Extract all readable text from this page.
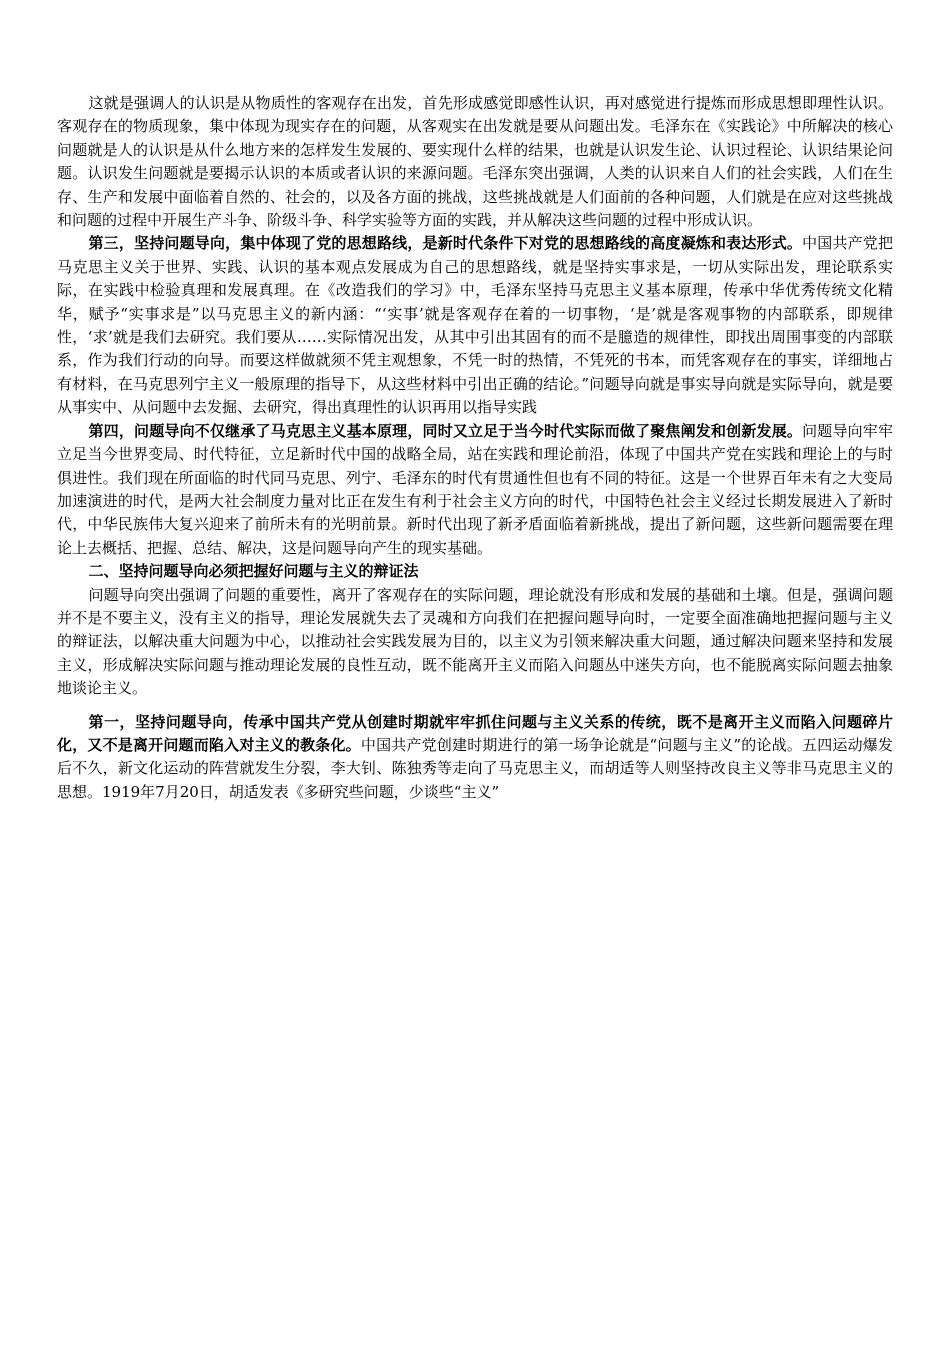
这就是强调人的认识是从物质性的客观存在出发，首先形成感觉即感性认识，再对感觉进行提炼而形成思想即理性认识。客观存在的物质现象，集中体现为现实存在的问题，从客观实在出发就是要从问题出发。毛泽东在《实践论》中所解决的核心问题就是人的认识是从什么地方来的怎样发生发展的、要实现什么样的结果，也就是认识发生论、认识过程论、认识结果论问题。认识发生问题就是要揭示认识的本质或者认识的来源问题。毛泽东突出强调，人类的认识来自人们的社会实践，人们在生存、生产和发展中面临着自然的、社会的，以及各方面的挑战，这些挑战就是人们面前的各种问题，人们就是在应对这些挑战和问题的过程中开展生产斗争、阶级斗争、科学实验等方面的实践，并从解决这些问题的过程中形成认识。

第三，坚持问题导向，集中体现了党的思想路线，是新时代条件下对党的思想路线的高度凝炼和表达形式。中国共产党把马克思主义关于世界、实践、认识的基本观点发展成为自己的思想路线，就是坚持实事求是，一切从实际出发，理论联系实际，在实践中检验真理和发展真理。在《改造我们的学习》中，毛泽东坚持马克思主义基本原理，传承中华优秀传统文化精华，赋予“实事求是”以马克思主义的新内涵：“‘实事’就是客观存在着的一切事物，‘是’就是客观事物的内部联系，即规律性，‘求’就是我们去研究。我们要从……实际情况出发，从其中引出其固有的而不是臆造的规律性，即找出周围事变的内部联系，作为我们行动的向导。而要这样做就须不凭主观想象，不凭一时的热情，不凭死的书本，而凭客观存在的事实，详细地占有材料，在马克思列宁主义一般原理的指导下，从这些材料中引出正确的结论。”问题导向就是事实导向就是实际导向，就是要从事实中、从问题中去发掘、去研究，得出真理性的认识再用以指导实践

第四，问题导向不仅继承了马克思主义基本原理，同时又立足于当今时代实际而做了聚焦阐发和创新发展。问题导向牢牢立足当今世界变局、时代特征，立足新时代中国的战略全局，站在实践和理论前沿，体现了中国共产党在实践和理论上的与时俱进性。我们现在所面临的时代同马克思、列宁、毛泽东的时代有贯通性但也有不同的特征。这是一个世界百年未有之大变局加速演进的时代，是两大社会制度力量对比正在发生有利于社会主义方向的时代，中国特色社会主义经过长期发展进入了新时代，中华民族伟大复兴迎来了前所未有的光明前景。新时代出现了新矛盾面临着新挑战，提出了新问题，这些新问题需要在理论上去概括、把握、总结、解决，这是问题导向产生的现实基础。

二、坚持问题导向必须把握好问题与主义的辩证法

问题导向突出强调了问题的重要性，离开了客观存在的实际问题，理论就没有形成和发展的基础和土壤。但是，强调问题并不是不要主义，没有主义的指导，理论发展就失去了灵魂和方向我们在把握问题导向时，一定要全面准确地把握问题与主义的辩证法，以解决重大问题为中心，以推动社会实践发展为目的，以主义为引领来解决重大问题，通过解决问题来坚持和发展主义，形成解决实际问题与推动理论发展的良性互动，既不能离开主义而陷入问题丛中迷失方向，也不能脱离实际问题去抽象地谈论主义。

第一，坚持问题导向，传承中国共产党从创建时期就牢牢抓住问题与主义关系的传统，既不是离开主义而陷入问题碎片化，又不是离开问题而陷入对主义的教条化。中国共产党创建时期进行的第一场争论就是“问题与主义”的论战。五四运动爆发后不久，新文化运动的阵营就发生分裂，李大钊、陈独秀等走向了马克思主义，而胡适等人则坚持改良主义等非马克思主义的思想。1919年7月20日，胡适发表《多研究些问题，少谈些“主义”
